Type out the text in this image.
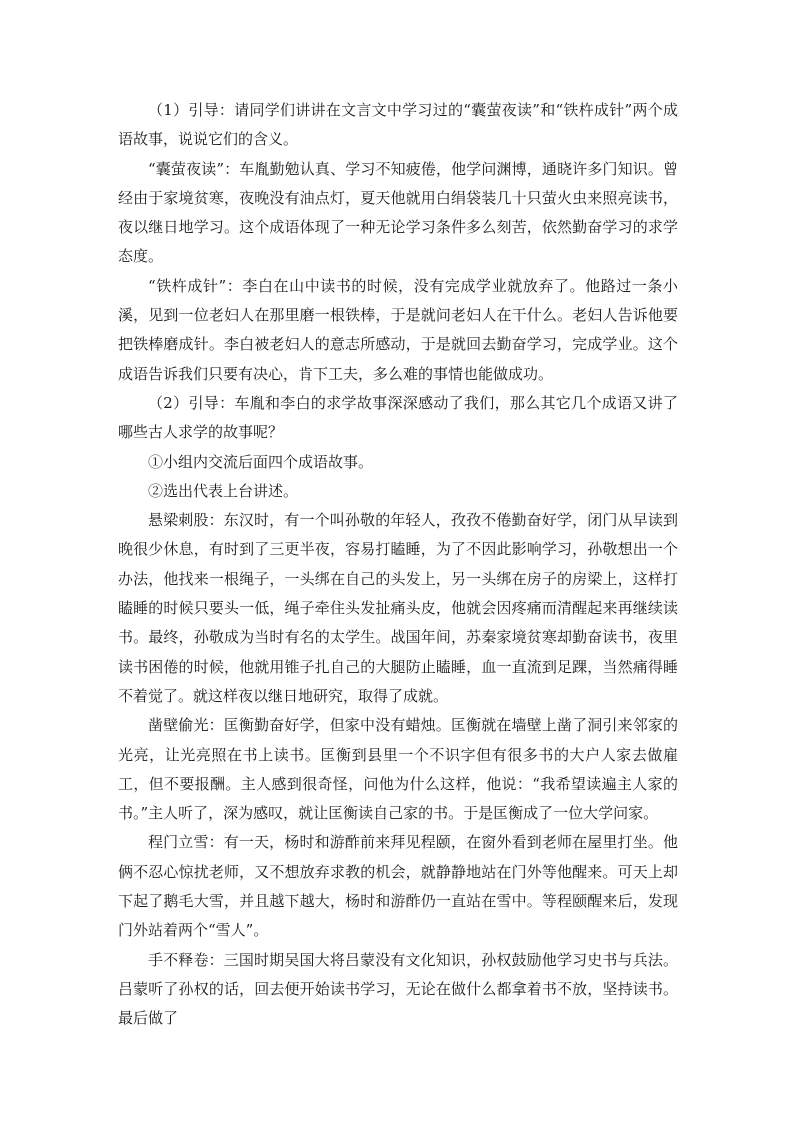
（1）引导：请同学们讲讲在文言文中学习过的“囊萤夜读”和“铁杵成针”两个成语故事，说说它们的含义。

“囊萤夜读”：车胤勤勉认真、学习不知疲倦，他学问渊博，通晓许多门知识。曾经由于家境贫寒，夜晚没有油点灯，夏天他就用白绢袋装几十只萤火虫来照亮读书，夜以继日地学习。这个成语体现了一种无论学习条件多么刻苦，依然勤奋学习的求学态度。

“铁杵成针”：李白在山中读书的时候，没有完成学业就放弃了。他路过一条小溪，见到一位老妇人在那里磨一根铁棒，于是就问老妇人在干什么。老妇人告诉他要把铁棒磨成针。李白被老妇人的意志所感动，于是就回去勤奋学习，完成学业。这个成语告诉我们只要有决心，肯下工夫，多么难的事情也能做成功。

（2）引导：车胤和李白的求学故事深深感动了我们，那么其它几个成语又讲了哪些古人求学的故事呢？

①小组内交流后面四个成语故事。

②选出代表上台讲述。

悬梁刺股：东汉时，有一个叫孙敬的年轻人，孜孜不倦勤奋好学，闭门从早读到晚很少休息，有时到了三更半夜，容易打瞌睡，为了不因此影响学习，孙敬想出一个办法，他找来一根绳子，一头绑在自己的头发上，另一头绑在房子的房梁上，这样打瞌睡的时候只要头一低，绳子牵住头发扯痛头皮，他就会因疼痛而清醒起来再继续读书。最终，孙敬成为当时有名的太学生。战国年间，苏秦家境贫寒却勤奋读书，夜里读书困倦的时候，他就用锥子扎自己的大腿防止瞌睡，血一直流到足踝，当然痛得睡不着觉了。就这样夜以继日地研究，取得了成就。

凿壁偷光：匡衡勤奋好学，但家中没有蜡烛。匡衡就在墙壁上凿了洞引来邻家的光亮，让光亮照在书上读书。匡衡到县里一个不识字但有很多书的大户人家去做雇工，但不要报酬。主人感到很奇怪，问他为什么这样，他说：“我希望读遍主人家的书。”主人听了，深为感叹，就让匡衡读自己家的书。于是匡衡成了一位大学问家。

程门立雪：有一天，杨时和游酢前来拜见程颐，在窗外看到老师在屋里打坐。他俩不忍心惊扰老师，又不想放弃求教的机会，就静静地站在门外等他醒来。可天上却下起了鹅毛大雪，并且越下越大，杨时和游酢仍一直站在雪中。等程颐醒来后，发现门外站着两个“雪人”。

手不释卷：三国时期吴国大将吕蒙没有文化知识，孙权鼓励他学习史书与兵法。吕蒙听了孙权的话，回去便开始读书学习，无论在做什么都拿着书不放，坚持读书。最后做了
